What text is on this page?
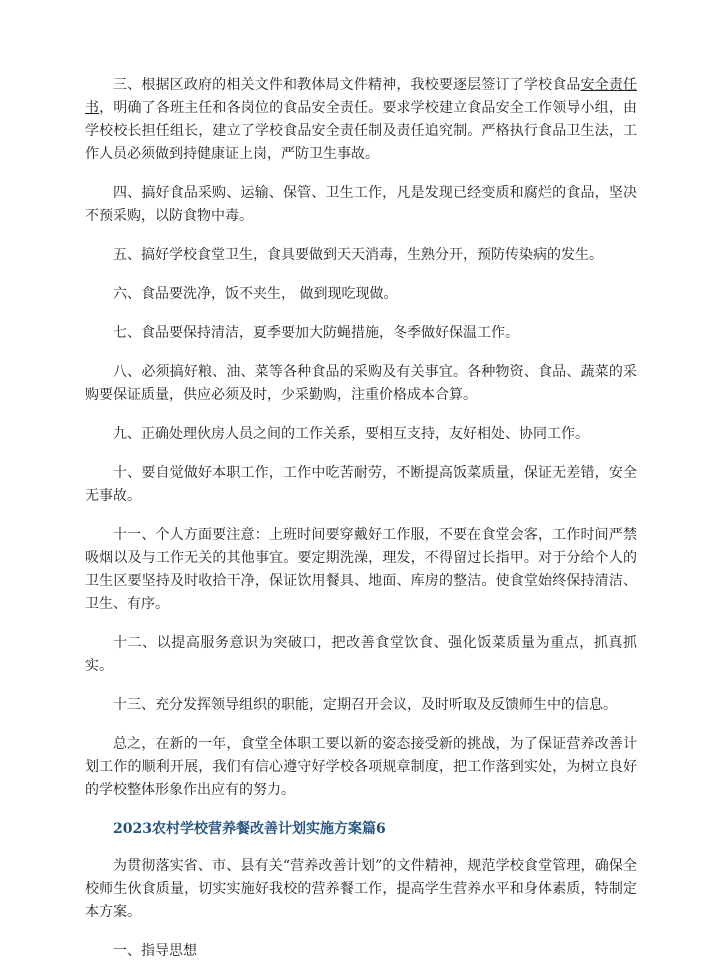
三、根据区政府的相关文件和教体局文件精神，我校要逐层签订了学校食品安全责任书，明确了各班主任和各岗位的食品安全责任。要求学校建立食品安全工作领导小组，由学校校长担任组长，建立了学校食品安全责任制及责任追究制。严格执行食品卫生法，工作人员必须做到持健康证上岗，严防卫生事故。

四、搞好食品采购、运输、保管、卫生工作，凡是发现已经变质和腐烂的食品，坚决不预采购，以防食物中毒。

五、搞好学校食堂卫生，食具要做到天天消毒，生熟分开，预防传染病的发生。

六、食品要洗净，饭不夹生， 做到现吃现做。

七、食品要保持清洁，夏季要加大防蝇措施，冬季做好保温工作。

八、必须搞好粮、油、菜等各种食品的采购及有关事宜。各种物资、食品、蔬菜的采购要保证质量，供应必须及时，少采勤购，注重价格成本合算。

九、正确处理伙房人员之间的工作关系，要相互支持，友好相处、协同工作。

十、要自觉做好本职工作，工作中吃苦耐劳，不断提高饭菜质量，保证无差错，安全无事故。

十一、个人方面要注意：上班时间要穿戴好工作服，不要在食堂会客，工作时间严禁吸烟以及与工作无关的其他事宜。要定期洗澡，理发，不得留过长指甲。对于分给个人的卫生区要坚持及时收拾干净，保证饮用餐具、地面、库房的整洁。使食堂始终保持清洁、卫生、有序。

十二、以提高服务意识为突破口，把改善食堂饮食、强化饭菜质量为重点，抓真抓实。

十三、充分发挥领导组织的职能，定期召开会议，及时听取及反馈师生中的信息。

总之，在新的一年，食堂全体职工要以新的姿态接受新的挑战，为了保证营养改善计划工作的顺利开展，我们有信心遵守好学校各项规章制度，把工作落到实处，为树立良好的学校整体形象作出应有的努力。

2023农村学校营养餐改善计划实施方案篇6

为贯彻落实省、市、县有关“营养改善计划”的文件精神，规范学校食堂管理，确保全校师生伙食质量，切实实施好我校的营养餐工作，提高学生营养水平和身体素质，特制定本方案。

一、指导思想
